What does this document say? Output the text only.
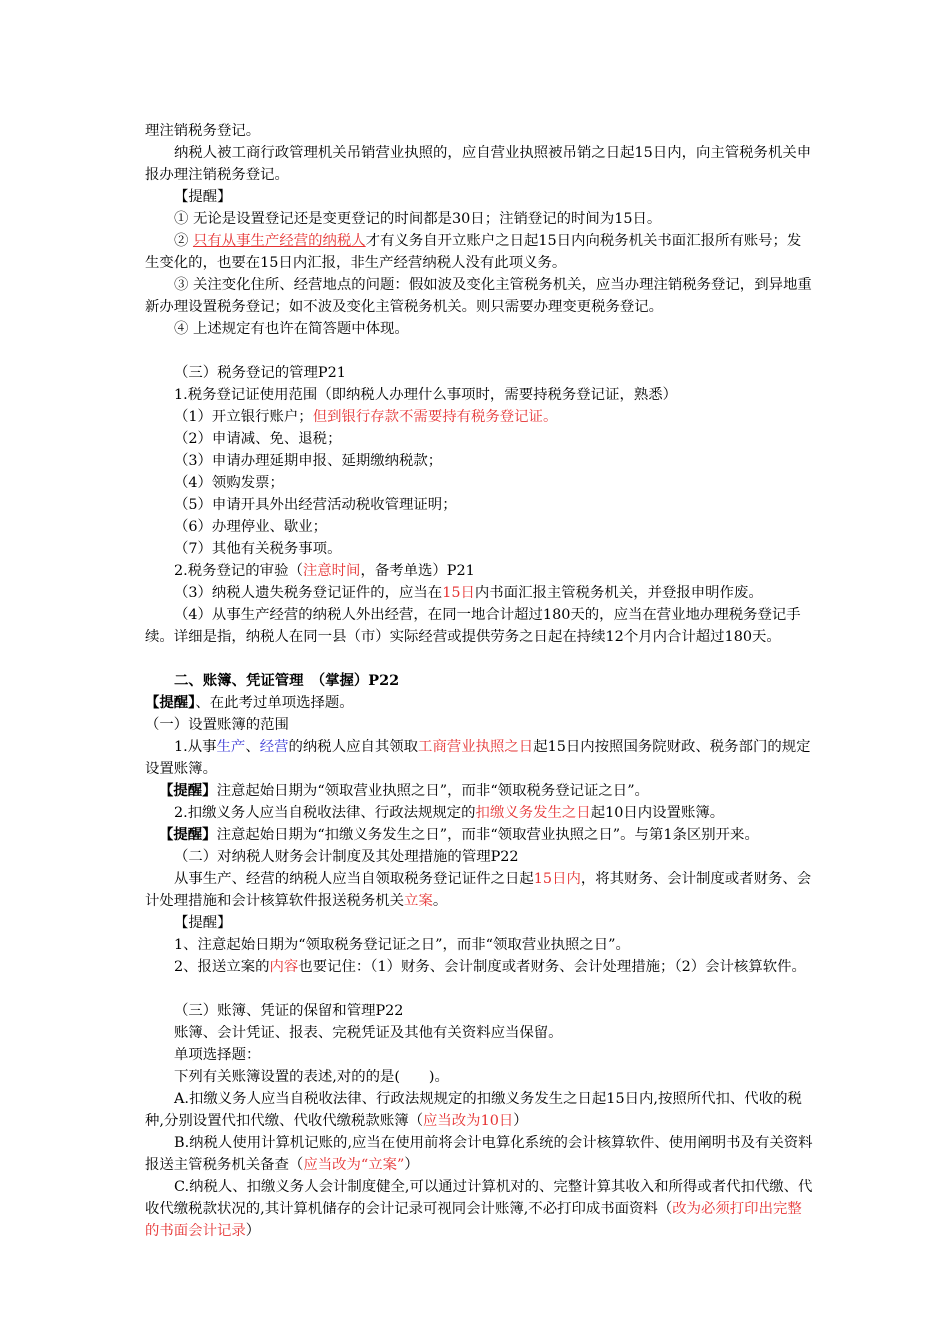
理注销税务登记。

纳税人被工商行政管理机关吊销营业执照的，应自营业执照被吊销之日起15日内，向主管税务机关申报办理注销税务登记。

【提醒】

① 无论是设置登记还是变更登记的时间都是30日；注销登记的时间为15日。

② 只有从事生产经营的纳税人才有义务自开立账户之日起15日内向税务机关书面汇报所有账号；发生变化的，也要在15日内汇报，非生产经营纳税人没有此项义务。

③ 关注变化住所、经营地点的问题：假如波及变化主管税务机关，应当办理注销税务登记，到异地重新办理设置税务登记；如不波及变化主管税务机关。则只需要办理变更税务登记。

④ 上述规定有也许在简答题中体现。

（三）税务登记的管理P21

1.税务登记证使用范围（即纳税人办理什么事项时，需要持税务登记证，熟悉）

（1）开立银行账户；但到银行存款不需要持有税务登记证。

（2）申请减、免、退税；

（3）申请办理延期申报、延期缴纳税款；

（4）领购发票；

（5）申请开具外出经营活动税收管理证明；

（6）办理停业、歇业；

（7）其他有关税务事项。

2.税务登记的审验（注意时间，备考单选）P21

（3）纳税人遗失税务登记证件的，应当在15日内书面汇报主管税务机关，并登报申明作废。

（4）从事生产经营的纳税人外出经营，在同一地合计超过180天的，应当在营业地办理税务登记手续。详细是指，纳税人在同一县（市）实际经营或提供劳务之日起在持续12个月内合计超过180天。

二、账簿、凭证管理　（掌握）P22

【提醒】、在此考过单项选择题。

（一）设置账簿的范围

1.从事生产、经营的纳税人应自其领取工商营业执照之日起15日内按照国务院财政、税务部门的规定设置账簿。

【提醒】注意起始日期为“领取营业执照之日”，而非“领取税务登记证之日”。

2.扣缴义务人应当自税收法律、行政法规规定的扣缴义务发生之日起10日内设置账簿。

【提醒】注意起始日期为“扣缴义务发生之日”，而非“领取营业执照之日”。与第1条区别开来。

（二）对纳税人财务会计制度及其处理措施的管理P22

从事生产、经营的纳税人应当自领取税务登记证件之日起15日内，将其财务、会计制度或者财务、会计处理措施和会计核算软件报送税务机关立案。

【提醒】

1、注意起始日期为“领取税务登记证之日”，而非“领取营业执照之日”。

2、报送立案的内容也要记住：（1）财务、会计制度或者财务、会计处理措施；（2）会计核算软件。

（三）账簿、凭证的保留和管理P22

账簿、会计凭证、报表、完税凭证及其他有关资料应当保留。

单项选择题：

下列有关账簿设置的表述,对的的是(　　)。

A.扣缴义务人应当自税收法律、行政法规规定的扣缴义务发生之日起15日内,按照所代扣、代收的税种,分别设置代扣代缴、代收代缴税款账簿（应当改为10日）

B.纳税人使用计算机记账的,应当在使用前将会计电算化系统的会计核算软件、使用阐明书及有关资料报送主管税务机关备查（应当改为“立案”）

C.纳税人、扣缴义务人会计制度健全,可以通过计算机对的、完整计算其收入和所得或者代扣代缴、代收代缴税款状况的,其计算机储存的会计记录可视同会计账簿,不必打印成书面资料（改为必须打印出完整的书面会计记录）
